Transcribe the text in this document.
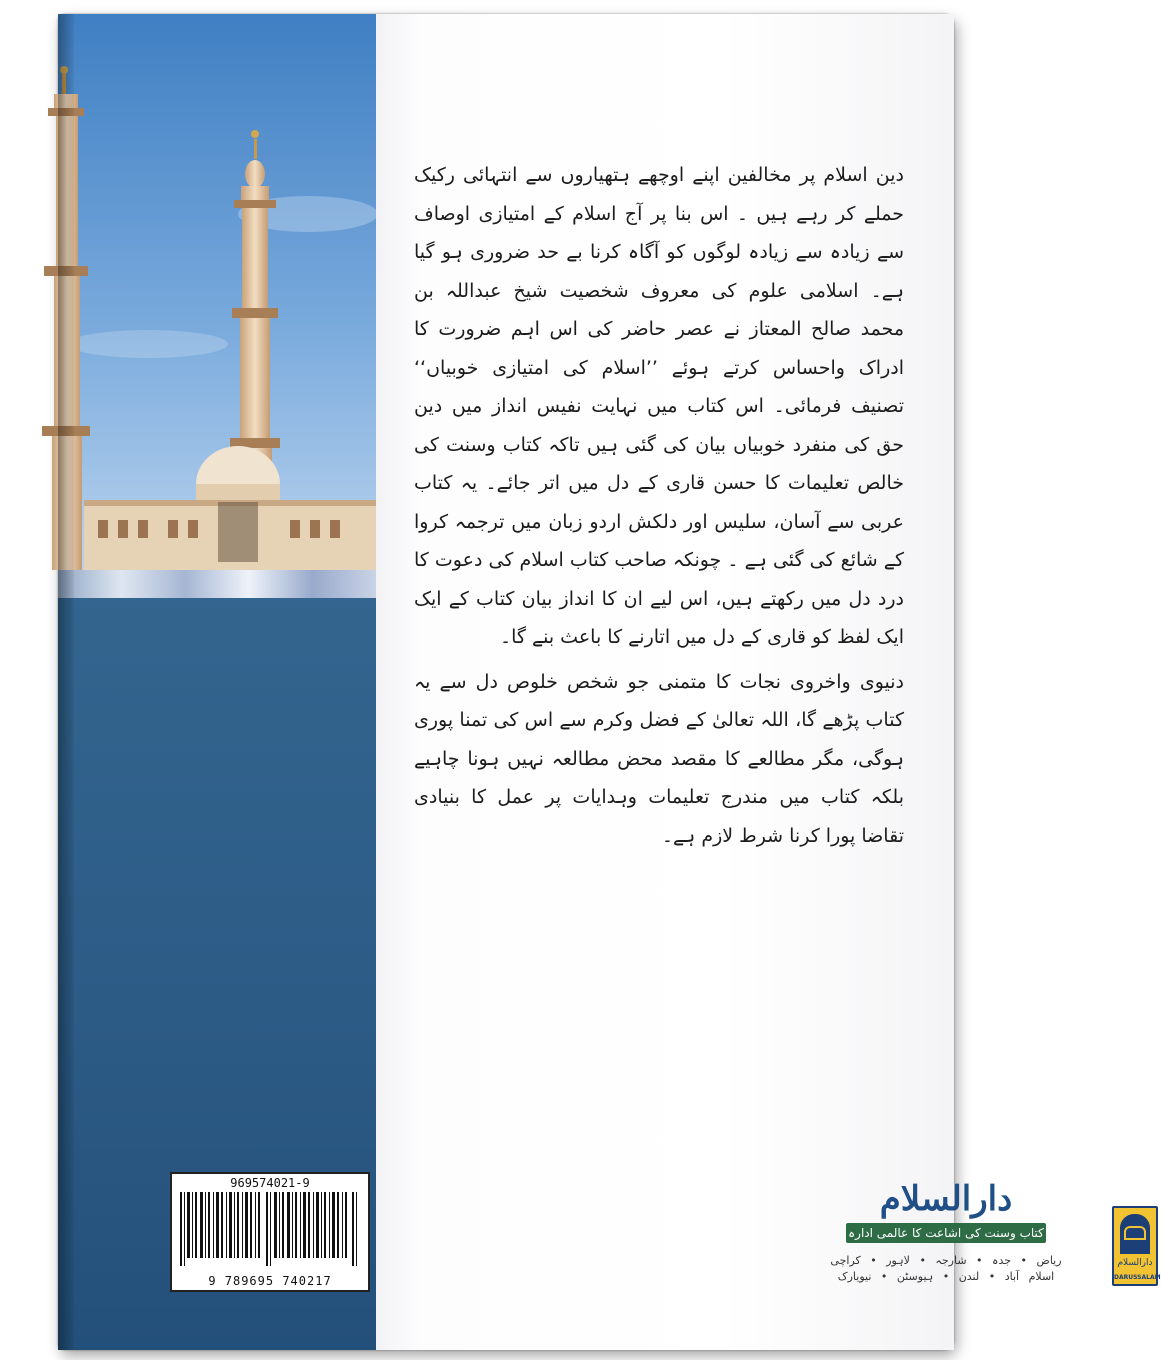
969574021-9
9 789695 740217

دین اسلام پر مخالفین اپنے اوچھے ہتھیاروں سے انتہائی رکیک حملے کر رہے ہیں ۔ اس بنا پر آج اسلام کے امتیازی اوصاف سے زیادہ سے زیادہ لوگوں کو آگاہ کرنا بے حد ضروری ہو گیا ہے۔ اسلامی علوم کی معروف شخصیت شیخ عبداللہ بن محمد صالح المعتاز نے عصر حاضر کی اس اہم ضرورت کا ادراک واحساس کرتے ہوئے ’’اسلام کی امتیازی خوبیاں‘‘ تصنیف فرمائی۔ اس کتاب میں نہایت نفیس انداز میں دین حق کی منفرد خوبیاں بیان کی گئی ہیں تاکہ کتاب وسنت کی خالص تعلیمات کا حسن قاری کے دل میں اتر جائے۔ یہ کتاب عربی سے آسان، سلیس اور دلکش اردو زبان میں ترجمہ کروا کے شائع کی گئی ہے ۔ چونکہ صاحب کتاب اسلام کی دعوت کا درد دل میں رکھتے ہیں، اس لیے ان کا انداز بیان کتاب کے ایک ایک لفظ کو قاری کے دل میں اتارنے کا باعث بنے گا۔

دنیوی واخروی نجات کا متمنی جو شخص خلوص دل سے یہ کتاب پڑھے گا، اللہ تعالیٰ کے فضل وکرم سے اس کی تمنا پوری ہوگی، مگر مطالعے کا مقصد محض مطالعہ نہیں ہونا چاہیے بلکہ کتاب میں مندرج تعلیمات وہدایات پر عمل کا بنیادی تقاضا پورا کرنا شرط لازم ہے۔

دارالسلام
کتاب وسنت کی اشاعت کا عالمی ادارہ
ریاض • جدہ • شارجہ • لاہور • کراچی
اسلام آباد • لندن • ہیوسٹن • نیویارک
دارالسلام
DARUSSALAM
